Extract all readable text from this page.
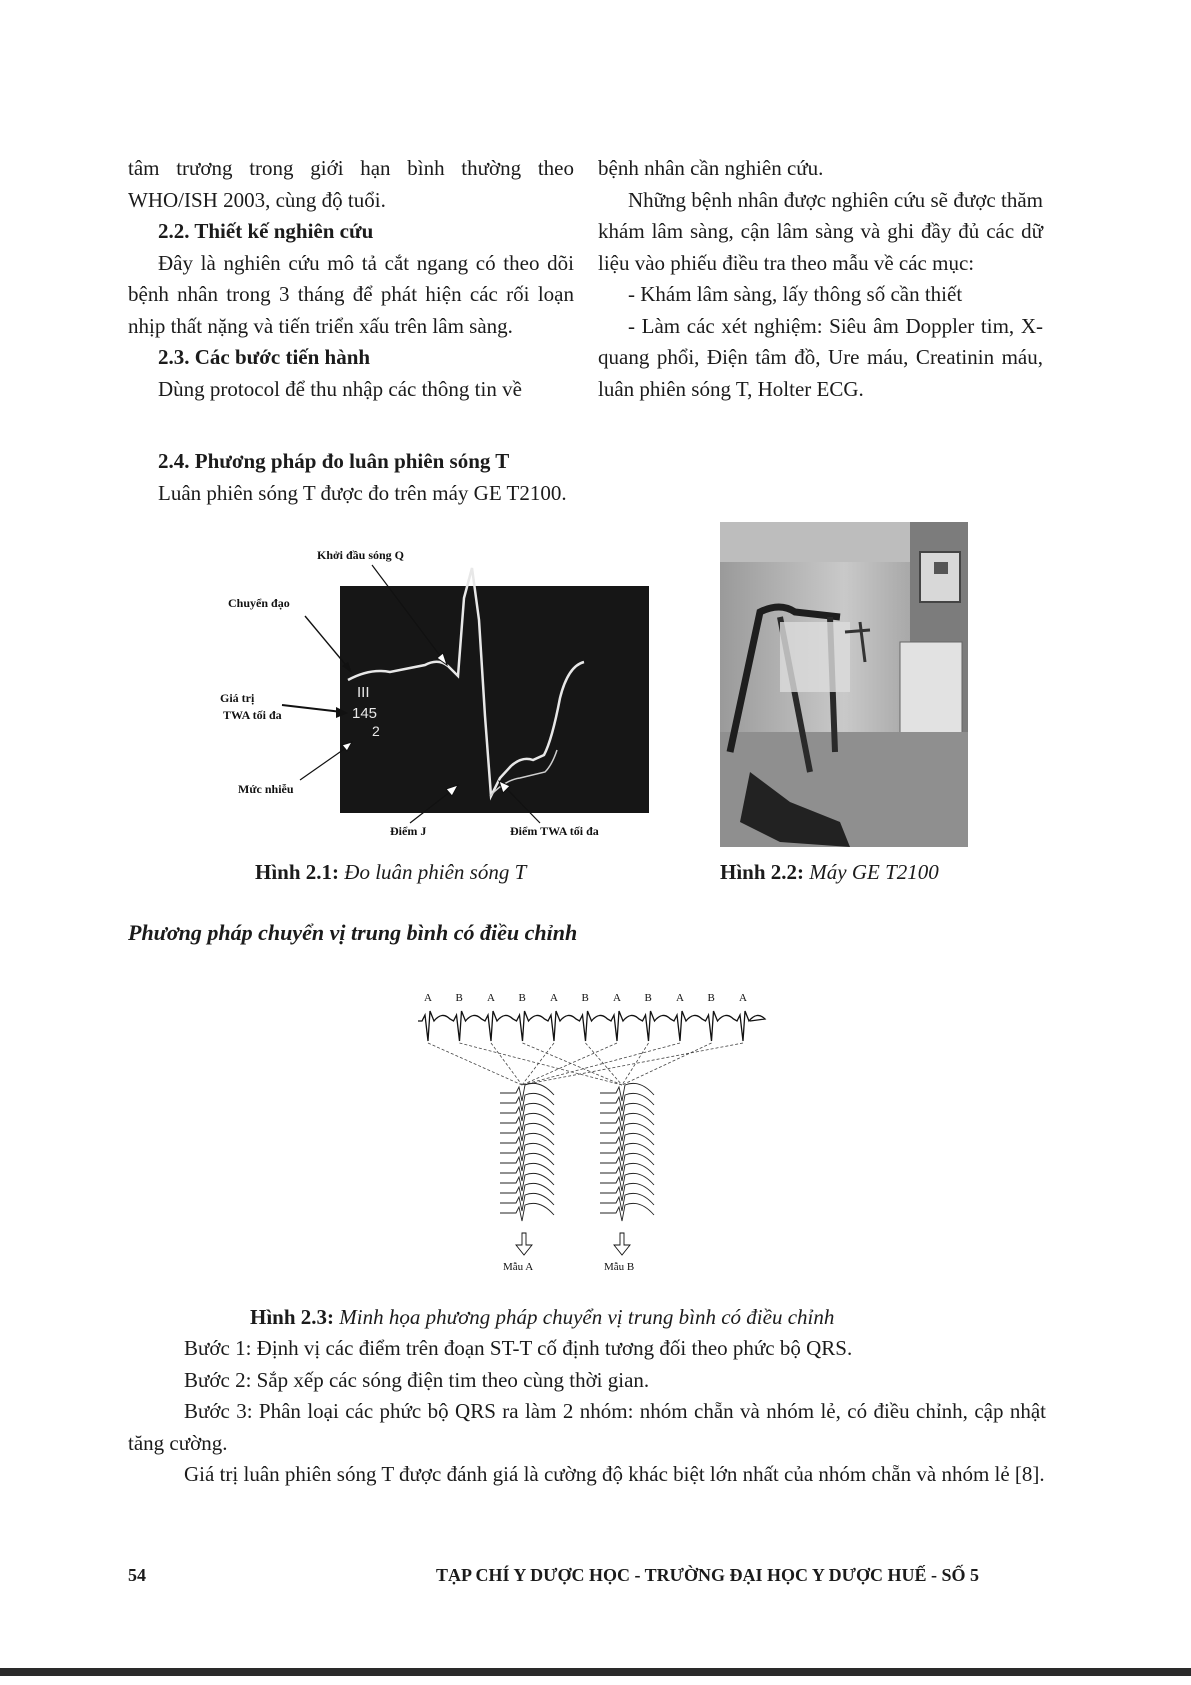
tâm trương trong giới hạn bình thường theo WHO/ISH 2003, cùng độ tuổi.

2.2. Thiết kế nghiên cứu

Đây là nghiên cứu mô tả cắt ngang có theo dõi bệnh nhân trong 3 tháng để phát hiện các rối loạn nhịp thất nặng và tiến triển xấu trên lâm sàng.

2.3. Các bước tiến hành

Dùng protocol để thu nhập các thông tin về

bệnh nhân cần nghiên cứu.

Những bệnh nhân được nghiên cứu sẽ được thăm khám lâm sàng, cận lâm sàng và ghi đầy đủ các dữ liệu vào phiếu điều tra theo mẫu về các mục:

- Khám lâm sàng, lấy thông số cần thiết

- Làm các xét nghiệm: Siêu âm Doppler tim, X-quang phổi, Điện tâm đồ, Ure máu, Creatinin máu, luân phiên sóng T, Holter ECG.

2.4. Phương pháp đo luân phiên sóng T

Luân phiên sóng T được đo trên máy GE T2100.

III
145
2
Khởi đầu sóng Q
Chuyển đạo
Giá trị
TWA tối đa
Mức nhiễu
Điểm J	Điểm TWA tối đa
Hình 2.1: Đo luân phiên sóng T	Hình 2.2: Máy GE T2100
Phương pháp chuyển vị trung bình có điều chỉnh
A B A B A B A B A B A
Mẫu A	Mẫu B
Hình 2.3: Minh họa phương pháp chuyển vị trung bình có điều chỉnh

Bước 1: Định vị các điểm trên đoạn ST-T cố định tương đối theo phức bộ QRS.

Bước 2: Sắp xếp các sóng điện tim theo cùng thời gian.

Bước 3: Phân loại các phức bộ QRS ra làm 2 nhóm: nhóm chẵn và nhóm lẻ, có điều chỉnh, cập nhật tăng cường.

Giá trị luân phiên sóng T được đánh giá là cường độ khác biệt lớn nhất của nhóm chẵn và nhóm lẻ [8].

54	TẠP CHÍ Y DƯỢC HỌC - TRƯỜNG ĐẠI HỌC Y DƯỢC HUẾ - SỐ 5
